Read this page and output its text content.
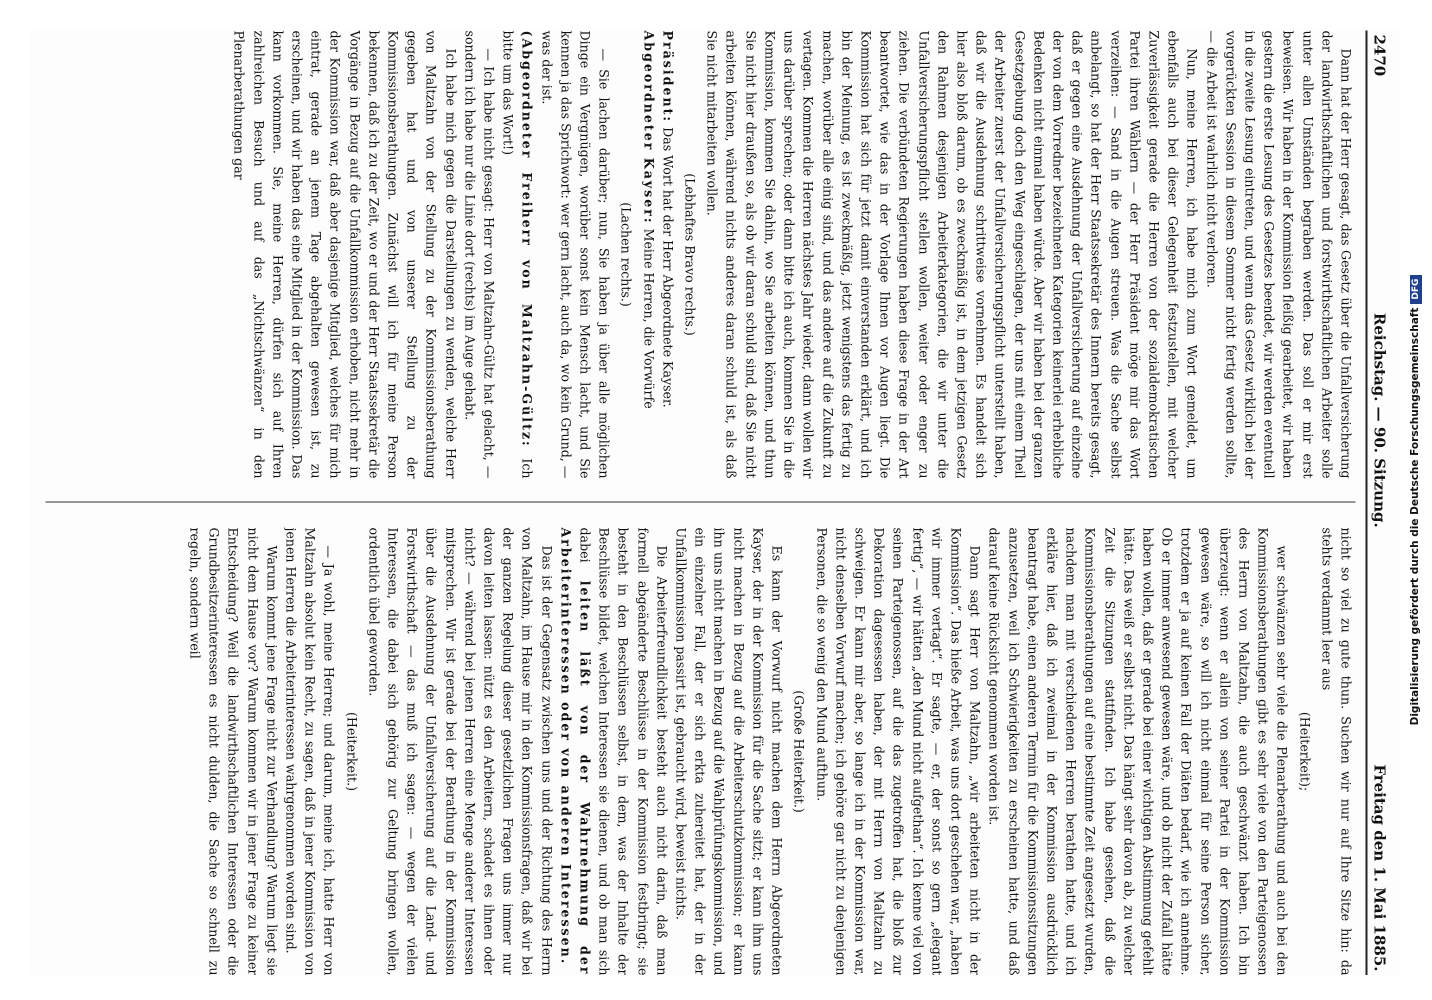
2470
Reichstag. — 90. Sitzung.
Freitag den 1. Mai 1885.

Dann hat der Herr gesagt, das Gesetz über die Unfallversicherung der landwirthschaftlichen und forstwirthschaftlichen Arbeiter solle unter allen Umständen begraben werden. Das soll er mir erst beweisen. Wir haben in der Kommission fleißig gearbeitet, wir haben gestern die erste Lesung des Gesetzes beendet, wir werden eventuell in die zweite Lesung eintreten, und wenn das Gesetz wirklich bei der vorgerückten Session in diesem Sommer nicht fertig werden sollte, — die Arbeit ist wahrlich nicht verloren.

Nun, meine Herren, ich habe mich zum Wort gemeldet, um ebenfalls auch bei dieser Gelegenheit festzustellen, mit welcher Zuverlässigkeit gerade die Herren von der sozialdemokratischen Partei ihren Wählern — der Herr Präsident möge mir das Wort verzeihen: — Sand in die Augen streuen. Was die Sache selbst anbelangt, so hat der Herr Staatssekretär des Innern bereits gesagt, daß er gegen eine Ausdehnung der Unfallversicherung auf einzelne der von dem Vorredner bezeichneten Kategorien keinerlei erhebliche Bedenken nicht einmal haben würde. Aber wir haben bei der ganzen Gesetzgebung doch den Weg eingeschlagen, der uns mit einem Theil der Arbeiter zuerst der Unfallversicherungspflicht unterstellt haben, daß wir die Ausdehnung schrittweise vornehmen. Es handelt sich hier also bloß darum, ob es zweckmäßig ist, in dem jetzigen Gesetz den Rahmen desjenigen Arbeiterkategorien, die wir unter die Unfallversicherungspflicht stellen wollen, weiter oder enger zu ziehen. Die verbündeten Regierungen haben diese Frage in der Art beantwortet, wie das in der Vorlage Ihnen vor Augen liegt. Die Kommission hat sich für jetzt damit einverstanden erklärt, und ich bin der Meinung, es ist zweckmäßig, jetzt wenigstens das fertig zu machen, worüber alle einig sind, und das andere auf die Zukunft zu vertagen. Kommen die Herren nächstes Jahr wieder, dann wollen wir uns darüber sprechen; oder dann bitte ich auch, kommen Sie in die Kommission, kommen Sie dahin, wo Sie arbeiten können, und thun Sie nicht hier draußen so, als ob wir daran schuld sind, daß Sie nicht arbeiten können, während nichts anderes daran schuld ist, als daß Sie nicht mitarbeiten wollen.

(Lebhaftes Bravo rechts.)

Präsident: Das Wort hat der Herr Abgeordnete Kayser.

Abgeordneter Kayser: Meine Herren, die Vorwürfe

(Lachen rechts.)

— Sie lachen darüber; nun, Sie haben ja über alle möglichen Dinge ein Vergnügen, worüber sonst kein Mensch lacht, und Sie kennen ja das Sprichwort: wer gern lacht, auch da, wo kein Grund, — was der ist.

(Abgeordneter Freiherr von Maltzahn-Gültz: Ich bitte um das Wort!)

— Ich habe nicht gesagt: Herr von Maltzahn-Gültz hat gelacht, — sondern ich habe nur die Linie dort (rechts) im Auge gehabt.

Ich habe mich gegen die Darstellungen zu wenden, welche Herr von Maltzahn von der Stellung zu der Kommissionsberathung gegeben hat und von unserer Stellung zu der Kommissionsberathungen. Zunächst will ich für meine Person bekennen, daß ich zu der Zeit, wo er und der Herr Staatssekretär die Vorgänge in Bezug auf die Unfallkommission erhoben, nicht mehr in der Kommission war, daß aber dasjenige Mitglied, welches für mich eintrat, gerade an jenem Tage abgehalten gewesen ist, zu erscheinen, und wir haben das eine Mitglied in der Kommission. Das kann vorkommen. Sie, meine Herren, dürfen sich auf Ihren zahlreichen Besuch und auf das „Nichtschwänzen“ in den Plenarberathungen gar

nicht so viel zu gute thun. Suchen wir nur auf Ihre Sitze hin: da stehts verdammt leer aus

(Heiterkeit);

wer schwänzen sehr viele die Plenarberathung und auch bei den Kommissionsberathungen gibt es sehr viele von den Parteigenossen des Herrn von Maltzahn, die auch geschwänzt haben. Ich bin überzeugt: wenn er allein von seiner Partei in der Kommission gewesen wäre, so will ich nicht einmal für seine Person sicher, trotzdem er ja auf keinen Fall der Diäten bedarf, wie ich annehme. Ob er immer anwesend gewesen wäre, und ob nicht der Zufall hätte haben wollen, daß er gerade bei einer wichtigen Abstimmung gefehlt hätte. Das weiß er selbst nicht. Das hängt sehr davon ab, zu welcher Zeit die Sitzungen stattfinden. Ich habe gesehen, daß die Kommissionsberathungen auf eine bestimmte Zeit angesetzt wurden, nachdem man mit verschiedenen Herren berathen hatte, und ich erkläre hier, daß ich zweimal in der Kommission ausdrücklich beantragt habe, einen anderen Termin für die Kommissionssitzungen anzusetzen, weil ich Schwierigkeiten zu erscheinen hatte, und daß darauf keine Rücksicht genommen worden ist.

Dann sagt Herr von Maltzahn, „wir arbeiteten nicht in der Kommission“. Das hieße Arbeit, was uns dort geschehen war, „haben wir immer vertagt“. Er sagte, — er, der sonst so gern „elegant fertig“, — wir hätten „den Mund nicht aufgethan“. Ich kenne viel von seinen Parteigenossen, auf die das zugetroffen hat, die bloß zur Dekoration dagesessen haben, der mit Herrn von Maltzahn zu schweigen. Er kann mir aber, so lange ich in der Kommission war, nicht denselben Vorwurf machen; ich gehöre gar nicht zu denjenigen Personen, die so wenig den Mund aufthun.

(Große Heiterkeit.)

Es kann der Vorwurf nicht machen dem Herrn Abgeordneten Kayser, der in der Kommission für die Sache sitzt; er kann ihm uns nicht machen in Bezug auf die Arbeiterschutzkommission; er kann ihn uns nicht machen in Bezug auf die Wahlprüfungskommission, und ein einzelner Fall, der er sich erkta zuhereitet hat, der in der Unfallkommission passirt ist, gebraucht wird, beweist nichts.

Die Arbeiterfreundlichkeit besteht auch nicht darin, daß man formell abgeänderte Beschlüsse in der Kommission festbringt; sie besteht in den Beschlüssen selbst, in dem, was der Inhalte der Beschlüsse bildet, welchen Interessen sie dienen, und ob man sich dabei leiten läßt von der Wahrnehmung der Arbeiterinteressen oder von anderen Interessen.

Das ist der Gegensatz zwischen uns und der Richtung des Herrn von Maltzahn, im Hause mir in den Kommissionsfragen, daß wir bei der ganzen Regelung dieser gesetzlichen Fragen uns immer nur davon leiten lassen: nützt es den Arbeitern, schadet es ihnen oder nicht? — während bei jenen Herren eine Menge anderer Interessen mitsprechen. Wir ist gerade bei der Berathung in der Kommission über die Ausdehnung der Unfallversicherung auf die Land- und Forstwirthschaft — das muß ich sagen: — wegen der vielen Interessen, die dabei sich gehörig zur Geltung bringen wollen, ordentlich übel geworden.

(Heiterkeit.)

— Ja wohl, meine Herren; und darum, meine ich, hatte Herr von Maltzahn absolut kein Recht, zu sagen, daß in jener Kommission von jenen Herren die Arbeiterinteressen wahrgenommen worden sind.

Warum kommt jene Frage nicht zur Verhandlung? Warum liegt sie nicht dem Hause vor? Warum kommen wir in jener Frage zu keiner Entscheidung? Weil die landwirthschaftlichen Interessen oder die Grundbesitzerinteressen es nicht dulden, die Sache so schnell zu regeln, sondern weil	Digitalisierung gefördert durch die Deutsche ForschungsgemeinschaftDFG
